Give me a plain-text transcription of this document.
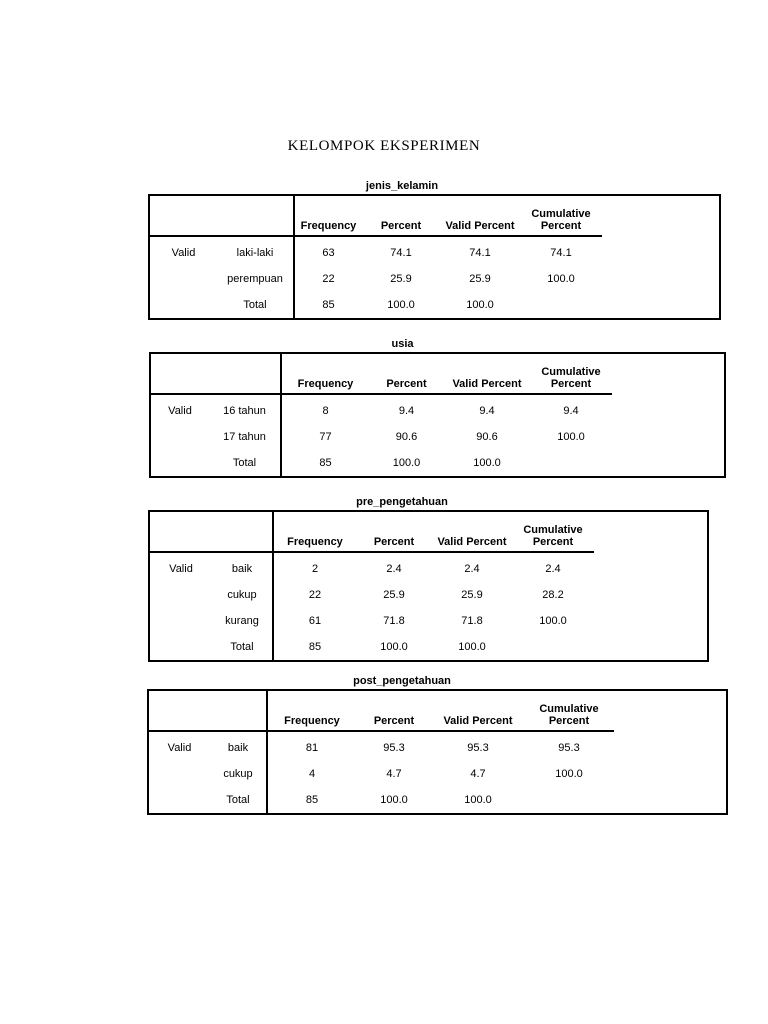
KELOMPOK EKSPERIMEN
jenis_kelamin
		Frequency	Percent	Valid Percent	Cumulative Percent
Valid	laki-laki	63	74.1	74.1	74.1
	perempuan	22	25.9	25.9	100.0
	Total	85	100.0	100.0	
usia
		Frequency	Percent	Valid Percent	Cumulative Percent
Valid	16 tahun	8	9.4	9.4	9.4
	17 tahun	77	90.6	90.6	100.0
	Total	85	100.0	100.0	
pre_pengetahuan
		Frequency	Percent	Valid Percent	Cumulative Percent
Valid	baik	2	2.4	2.4	2.4
	cukup	22	25.9	25.9	28.2
	kurang	61	71.8	71.8	100.0
	Total	85	100.0	100.0	
post_pengetahuan
		Frequency	Percent	Valid Percent	Cumulative Percent
Valid	baik	81	95.3	95.3	95.3
	cukup	4	4.7	4.7	100.0
	Total	85	100.0	100.0	
